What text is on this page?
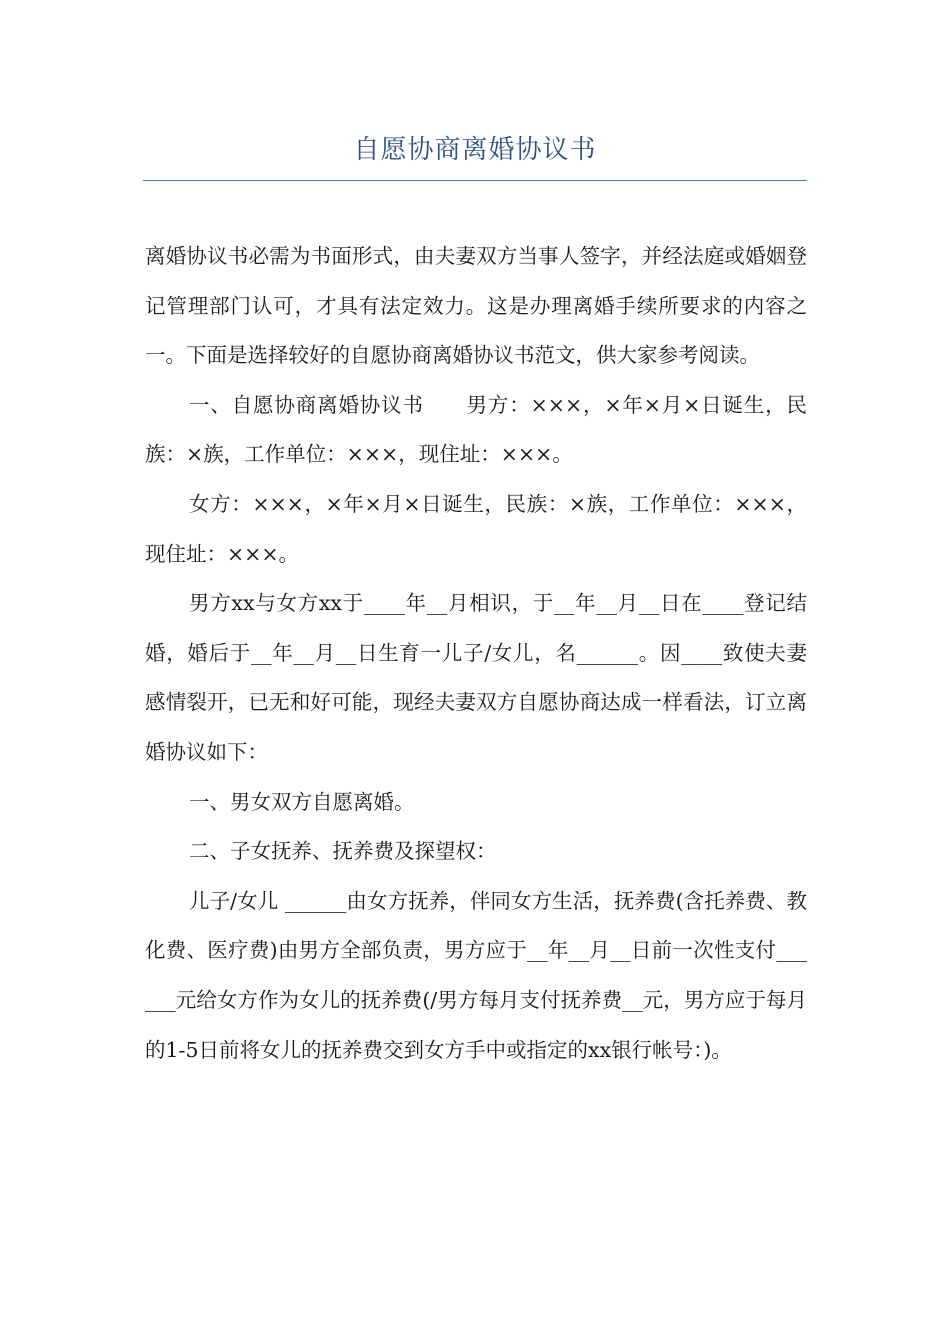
自愿协商离婚协议书

离婚协议书必需为书面形式，由夫妻双方当事人签字，并经法庭或婚姻登记管理部门认可，才具有法定效力。这是办理离婚手续所要求的内容之一。下面是选择较好的自愿协商离婚协议书范文，供大家参考阅读。

一、自愿协商离婚协议书　　男方：×××，×年×月×日诞生，民族：×族，工作单位：×××，现住址：×××。

女方：×××，×年×月×日诞生，民族：×族，工作单位：×××，现住址：×××。

男方xx与女方xx于____年__月相识，于__年__月__日在____登记结婚，婚后于__年__月__日生育一儿子/女儿，名______。因____致使夫妻感情裂开，已无和好可能，现经夫妻双方自愿协商达成一样看法，订立离婚协议如下：

一、男女双方自愿离婚。

二、子女抚养、抚养费及探望权：

儿子/女儿 ______由女方抚养，伴同女方生活，抚养费(含托养费、教化费、医疗费)由男方全部负责，男方应于__年__月__日前一次性支付______元给女方作为女儿的抚养费(/男方每月支付抚养费__元，男方应于每月的1-5日前将女儿的抚养费交到女方手中或指定的xx银行帐号：)。
